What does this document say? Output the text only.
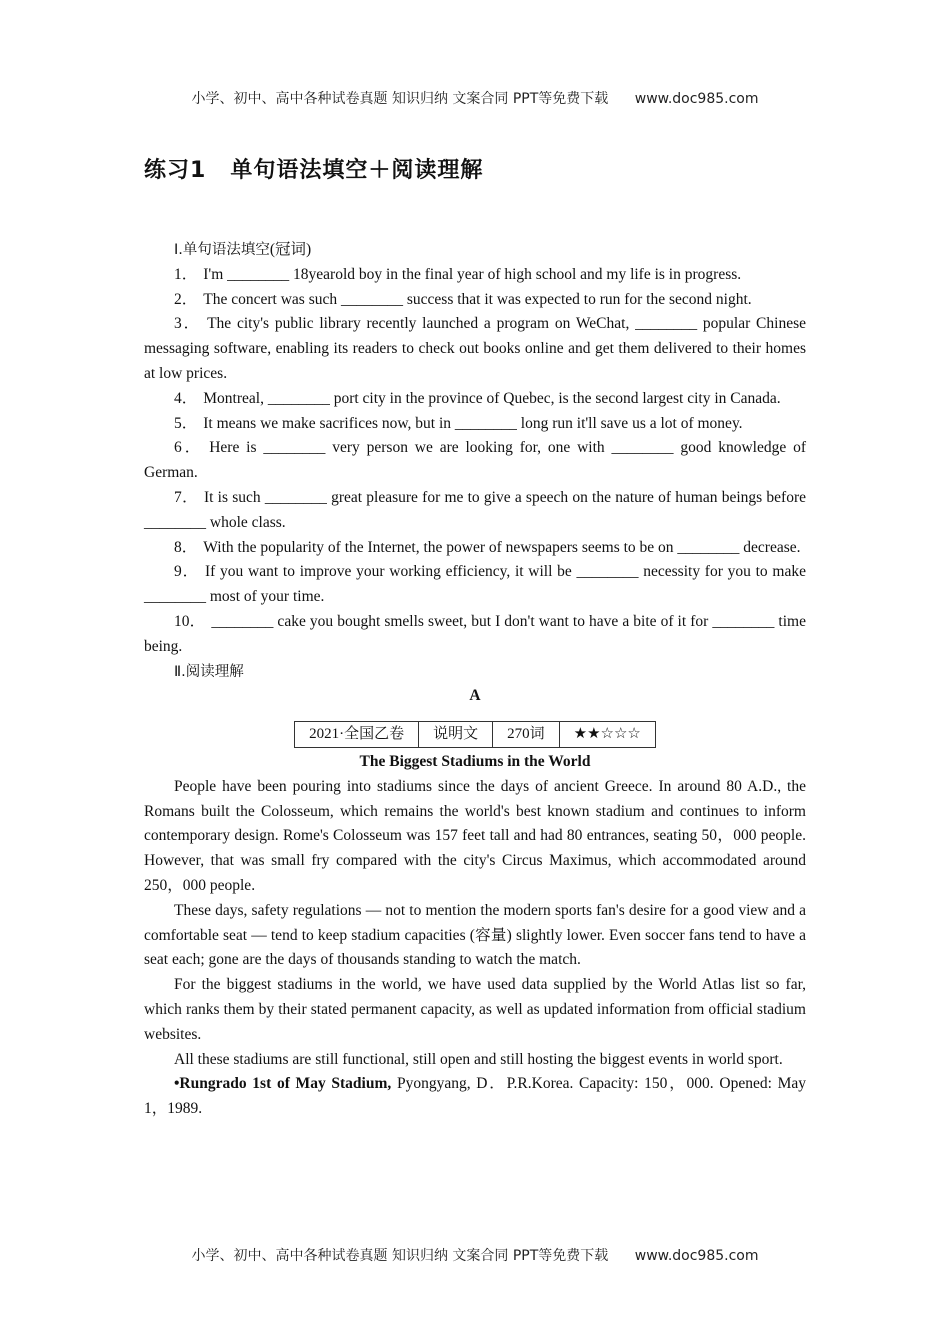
小学、初中、高中各种试卷真题 知识归纳 文案合同 PPT等免费下载 www.doc985.com
练习1 单句语法填空＋阅读理解
Ⅰ.单句语法填空(冠词)

1． I'm ________ 18yearold boy in the final year of high school and my life is in progress.

2． The concert was such ________ success that it was expected to run for the second night.

3． The city's public library recently launched a program on WeChat, ________ popular Chinese messaging software, enabling its readers to check out books online and get them delivered to their homes at low prices.

4． Montreal, ________ port city in the province of Quebec, is the second largest city in Canada.

5． It means we make sacrifices now, but in ________ long run it'll save us a lot of money.

6． Here is ________ very person we are looking for, one with ________ good knowledge of German.

7． It is such ________ great pleasure for me to give a speech on the nature of human beings before ________ whole class.

8． With the popularity of the Internet, the power of newspapers seems to be on ________ decrease.

9． If you want to improve your working efficiency, it will be ________ necessity for you to make ________ most of your time.

10． ________ cake you bought smells sweet, but I don't want to have a bite of it for ________ time being.

Ⅱ.阅读理解
A
2021·全国乙卷	说明文	270词	★★☆☆☆
The Biggest Stadiums in the World

People have been pouring into stadiums since the days of ancient Greece. In around 80 A.D., the Romans built the Colosseum, which remains the world's best known stadium and continues to inform contemporary design. Rome's Colosseum was 157 feet tall and had 80 entrances, seating 50，000 people. However, that was small fry compared with the city's Circus Maximus, which accommodated around 250，000 people.

These days, safety regulations — not to mention the modern sports fan's desire for a good view and a comfortable seat — tend to keep stadium capacities (容量) slightly lower. Even soccer fans tend to have a seat each; gone are the days of thousands standing to watch the match.

For the biggest stadiums in the world, we have used data supplied by the World Atlas list so far, which ranks them by their stated permanent capacity, as well as updated information from official stadium websites.

All these stadiums are still functional, still open and still hosting the biggest events in world sport.

•Rungrado 1st of May Stadium, Pyongyang, D．P.R.Korea. Capacity: 150，000. Opened: May 1，1989.

小学、初中、高中各种试卷真题 知识归纳 文案合同 PPT等免费下载 www.doc985.com
